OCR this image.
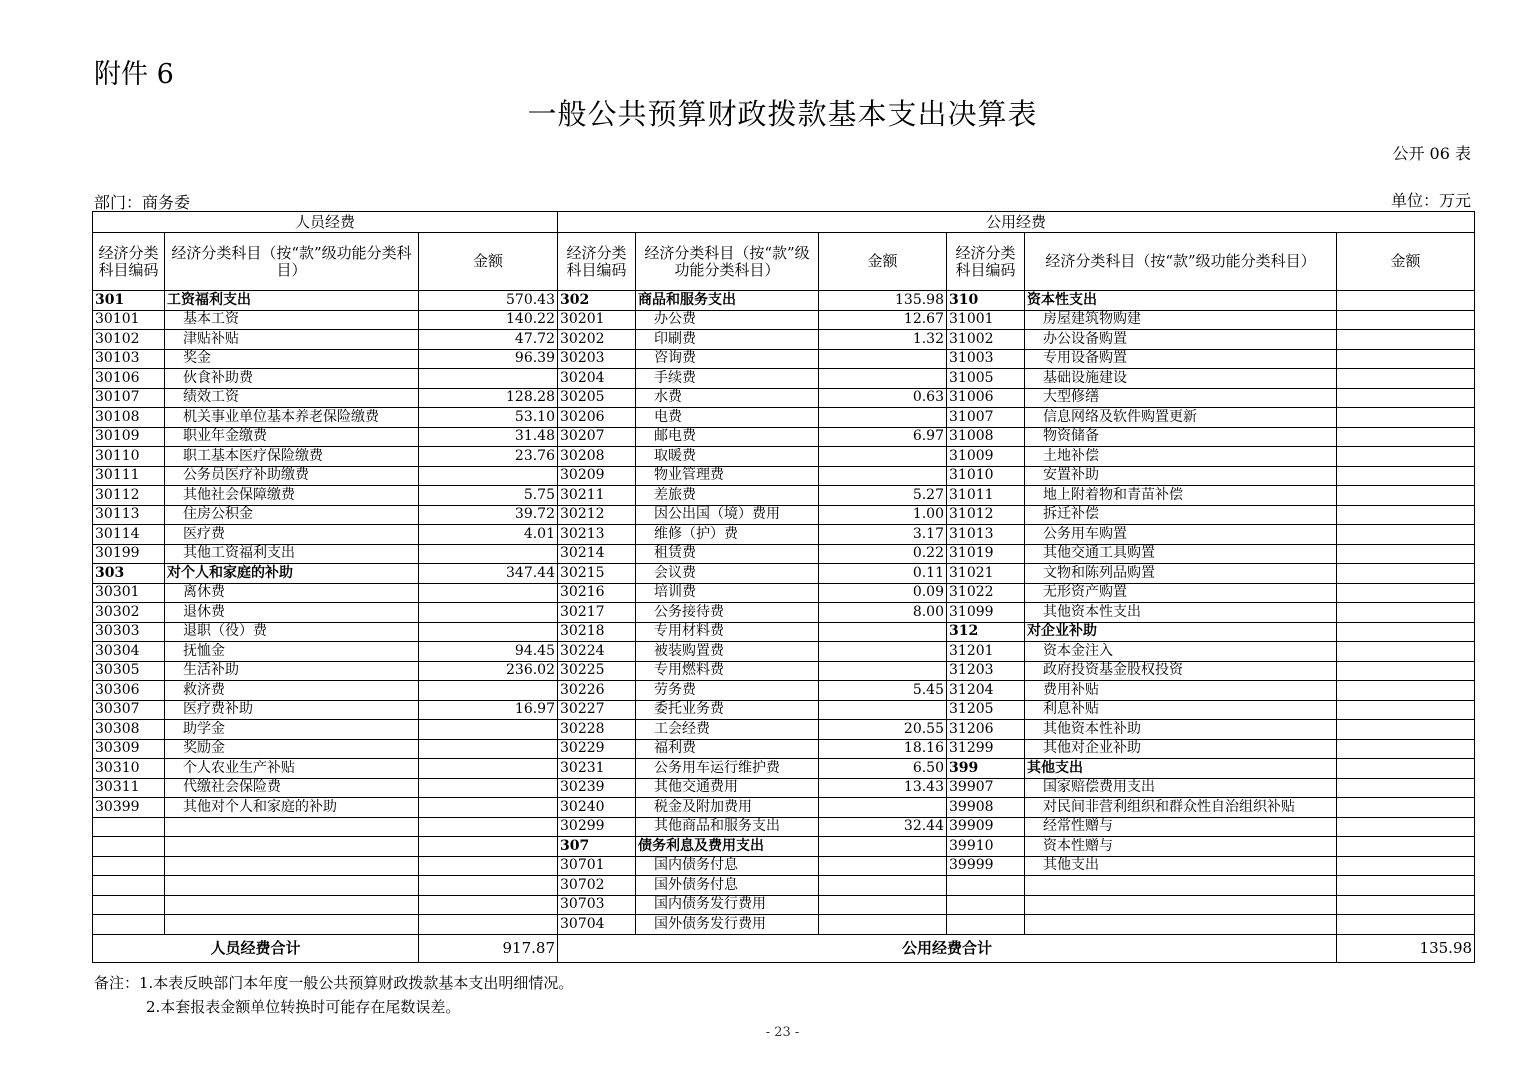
附件 6
一般公共预算财政拨款基本支出决算表
公开 06 表
部门：商务委	单位：万元
人员经费			公用经费					
经济分类科目编码	经济分类科目（按“款”级功能分类科目）	金额	经济分类科目编码	经济分类科目（按“款”级功能分类科目）	金额	经济分类科目编码	经济分类科目（按“款”级功能分类科目）	金额
301	工资福利支出	570.43	302	商品和服务支出	135.98	310	资本性支出	
30101	基本工资	140.22	30201	办公费	12.67	31001	房屋建筑物购建	
30102	津贴补贴	47.72	30202	印刷费	1.32	31002	办公设备购置	
30103	奖金	96.39	30203	咨询费		31003	专用设备购置	
30106	伙食补助费		30204	手续费		31005	基础设施建设	
30107	绩效工资	128.28	30205	水费	0.63	31006	大型修缮	
30108	机关事业单位基本养老保险缴费	53.10	30206	电费		31007	信息网络及软件购置更新	
30109	职业年金缴费	31.48	30207	邮电费	6.97	31008	物资储备	
30110	职工基本医疗保险缴费	23.76	30208	取暖费		31009	土地补偿	
30111	公务员医疗补助缴费		30209	物业管理费		31010	安置补助	
30112	其他社会保障缴费	5.75	30211	差旅费	5.27	31011	地上附着物和青苗补偿	
30113	住房公积金	39.72	30212	因公出国（境）费用	1.00	31012	拆迁补偿	
30114	医疗费	4.01	30213	维修（护）费	3.17	31013	公务用车购置	
30199	其他工资福利支出		30214	租赁费	0.22	31019	其他交通工具购置	
303	对个人和家庭的补助	347.44	30215	会议费	0.11	31021	文物和陈列品购置	
30301	离休费		30216	培训费	0.09	31022	无形资产购置	
30302	退休费		30217	公务接待费	8.00	31099	其他资本性支出	
30303	退职（役）费		30218	专用材料费		312	对企业补助	
30304	抚恤金	94.45	30224	被装购置费		31201	资本金注入	
30305	生活补助	236.02	30225	专用燃料费		31203	政府投资基金股权投资	
30306	救济费		30226	劳务费	5.45	31204	费用补贴	
30307	医疗费补助	16.97	30227	委托业务费		31205	利息补贴	
30308	助学金		30228	工会经费	20.55	31206	其他资本性补助	
30309	奖励金		30229	福利费	18.16	31299	其他对企业补助	
30310	个人农业生产补贴		30231	公务用车运行维护费	6.50	399	其他支出	
30311	代缴社会保险费		30239	其他交通费用	13.43	39907	国家赔偿费用支出	
30399	其他对个人和家庭的补助		30240	税金及附加费用		39908	对民间非营利组织和群众性自治组织补贴	
			30299	其他商品和服务支出	32.44	39909	经常性赠与	
			307	债务利息及费用支出		39910	资本性赠与	
			30701	国内债务付息		39999	其他支出	
			30702	国外债务付息				
			30703	国内债务发行费用				
			30704	国外债务发行费用				
人员经费合计		917.87	公用经费合计					135.98
备注：1.本表反映部门本年度一般公共预算财政拨款基本支出明细情况。
2.本套报表金额单位转换时可能存在尾数误差。
- 23 -
